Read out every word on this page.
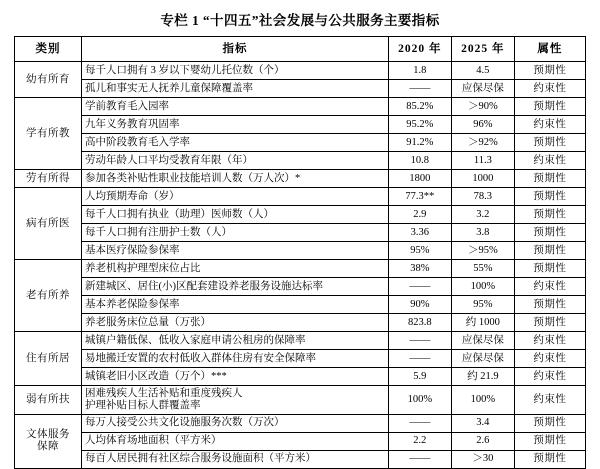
专栏 1 “十四五”社会发展与公共服务主要指标
类别	指标	2020 年	2025 年	属性
幼有所育	每千人口拥有 3 岁以下婴幼儿托位数（个）	1.8	4.5	预期性
	孤儿和事实无人抚养儿童保障覆盖率	——	应保尽保	约束性
学有所教	学前教育毛入园率	85.2%	＞90%	预期性
	九年义务教育巩固率	95.2%	96%	约束性
	高中阶段教育毛入学率	91.2%	＞92%	预期性
	劳动年龄人口平均受教育年限（年）	10.8	11.3	约束性
劳有所得	参加各类补贴性职业技能培训人数（万人次）*	1800	1000	预期性
病有所医	人均预期寿命（岁）	77.3**	78.3	预期性
	每千人口拥有执业（助理）医师数（人）	2.9	3.2	预期性
	每千人口拥有注册护士数（人）	3.36	3.8	预期性
	基本医疗保险参保率	95%	＞95%	预期性
老有所养	养老机构护理型床位占比	38%	55%	预期性
	新建城区、居住(小)区配套建设养老服务设施达标率	——	100%	约束性
	基本养老保险参保率	90%	95%	预期性
	养老服务床位总量（万张）	823.8	约 1000	预期性
住有所居	城镇户籍低保、低收入家庭申请公租房的保障率	——	应保尽保	约束性
	易地搬迁安置的农村低收入群体住房有安全保障率	——	应保尽保	约束性
	城镇老旧小区改造（万个）***	5.9	约 21.9	约束性
弱有所扶	困难残疾人生活补贴和重度残疾人
护理补贴目标人群覆盖率	100%	100%	约束性
文体服务
保障	每万人接受公共文化设施服务次数（万次）	——	3.4	预期性
	人均体育场地面积（平方米）	2.2	2.6	预期性
	每百人居民拥有社区综合服务设施面积（平方米）	——	＞30	预期性
